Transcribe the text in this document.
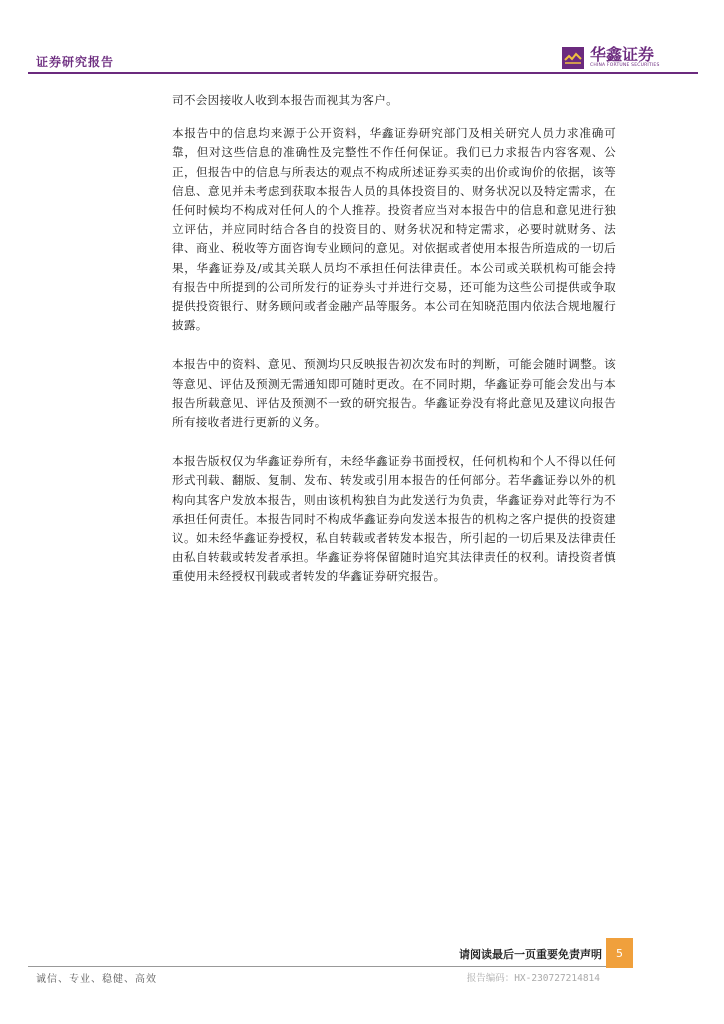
证券研究报告	华鑫证券
CHINA FORTUNE SECURITIES

司不会因接收人收到本报告而视其为客户。

本报告中的信息均来源于公开资料，华鑫证券研究部门及相关研究人员力求准确可靠，但对这些信息的准确性及完整性不作任何保证。我们已力求报告内容客观、公正，但报告中的信息与所表达的观点不构成所述证券买卖的出价或询价的依据，该等信息、意见并未考虑到获取本报告人员的具体投资目的、财务状况以及特定需求，在任何时候均不构成对任何人的个人推荐。投资者应当对本报告中的信息和意见进行独立评估，并应同时结合各自的投资目的、财务状况和特定需求，必要时就财务、法律、商业、税收等方面咨询专业顾问的意见。对依据或者使用本报告所造成的一切后果，华鑫证券及/或其关联人员均不承担任何法律责任。本公司或关联机构可能会持有报告中所提到的公司所发行的证券头寸并进行交易，还可能为这些公司提供或争取提供投资银行、财务顾问或者金融产品等服务。本公司在知晓范围内依法合规地履行披露。

本报告中的资料、意见、预测均只反映报告初次发布时的判断，可能会随时调整。该等意见、评估及预测无需通知即可随时更改。在不同时期，华鑫证券可能会发出与本报告所载意见、评估及预测不一致的研究报告。华鑫证券没有将此意见及建议向报告所有接收者进行更新的义务。

本报告版权仅为华鑫证券所有，未经华鑫证券书面授权，任何机构和个人不得以任何形式刊载、翻版、复制、发布、转发或引用本报告的任何部分。若华鑫证券以外的机构向其客户发放本报告，则由该机构独自为此发送行为负责，华鑫证券对此等行为不承担任何责任。本报告同时不构成华鑫证券向发送本报告的机构之客户提供的投资建议。如未经华鑫证券授权，私自转载或者转发本报告，所引起的一切后果及法律责任由私自转载或转发者承担。华鑫证券将保留随时追究其法律责任的权利。请投资者慎重使用未经授权刊载或者转发的华鑫证券研究报告。

请阅读最后一页重要免责声明	5
诚信、专业、稳健、高效	报告编码：HX-230727214814
